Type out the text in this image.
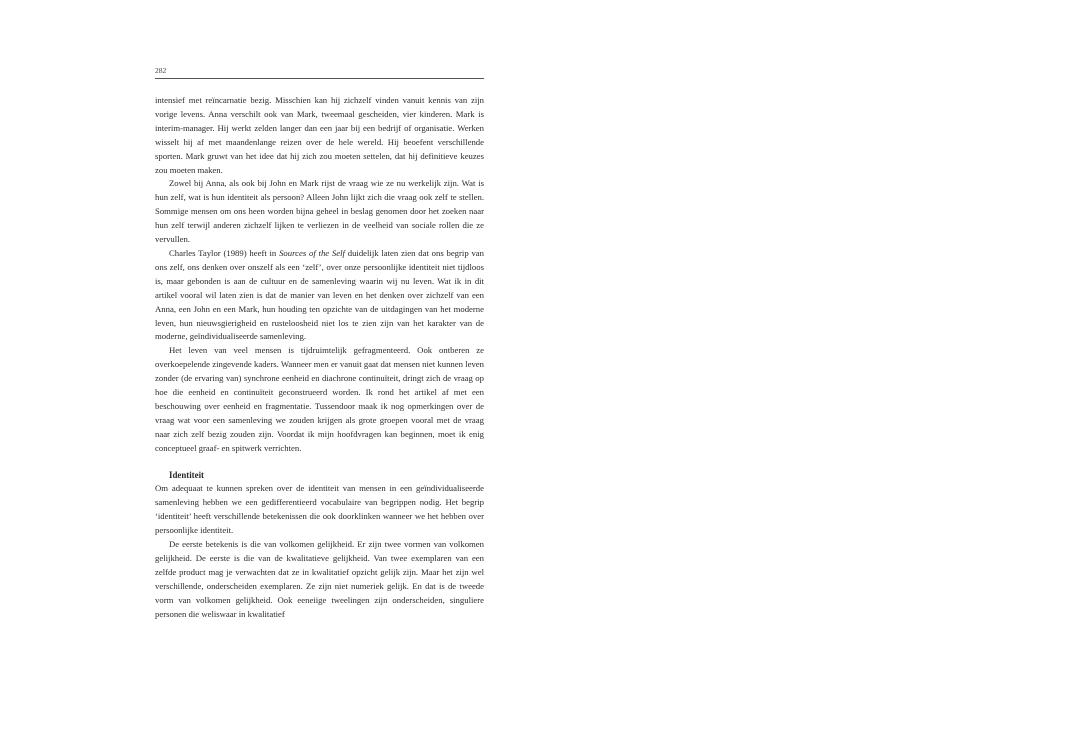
282

intensief met reïncarnatie bezig. Misschien kan hij zichzelf vinden vanuit kennis van zijn vorige levens. Anna verschilt ook van Mark, tweemaal gescheiden, vier kinderen. Mark is interim-manager. Hij werkt zelden langer dan een jaar bij een bedrijf of organisatie. Werken wisselt hij af met maandenlange reizen over de hele wereld. Hij beoefent verschillende sporten. Mark gruwt van het idee dat hij zich zou moeten settelen, dat hij definitieve keuzes zou moeten maken.

Zowel bij Anna, als ook bij John en Mark rijst de vraag wie ze nu werkelijk zijn. Wat is hun zelf, wat is hun identiteit als persoon? Alleen John lijkt zich die vraag ook zelf te stellen. Sommige mensen om ons heen worden bijna geheel in beslag genomen door het zoeken naar hun zelf terwijl anderen zichzelf lijken te verliezen in de veelheid van sociale rollen die ze vervullen.

Charles Taylor (1989) heeft in Sources of the Self duidelijk laten zien dat ons begrip van ons zelf, ons denken over onszelf als een ‘zelf’, over onze persoonlijke identiteit niet tijdloos is, maar gebonden is aan de cultuur en de samenleving waarin wij nu leven. Wat ik in dit artikel vooral wil laten zien is dat de manier van leven en het denken over zichzelf van een Anna, een John en een Mark, hun houding ten opzichte van de uitdagingen van het moderne leven, hun nieuwsgierigheid en rusteloosheid niet los te zien zijn van het karakter van de moderne, geïndividualiseerde samenleving.

Het leven van veel mensen is tijdruimtelijk gefragmenteerd. Ook ontberen ze overkoepelende zingevende kaders. Wanneer men er vanuit gaat dat mensen niet kunnen leven zonder (de ervaring van) synchrone eenheid en diachrone continuïteit, dringt zich de vraag op hoe die eenheid en continuïteit geconstrueerd worden. Ik rond het artikel af met een beschouwing over eenheid en fragmentatie. Tussendoor maak ik nog opmerkingen over de vraag wat voor een samenleving we zouden krijgen als grote groepen vooral met de vraag naar zich zelf bezig zouden zijn. Voordat ik mijn hoofdvragen kan beginnen, moet ik enig conceptueel graaf- en spitwerk verrichten.

Identiteit

Om adequaat te kunnen spreken over de identiteit van mensen in een geïndividualiseerde samenleving hebben we een gedifferentieerd vocabulaire van begrippen nodig. Het begrip ‘identiteit’ heeft verschillende betekenissen die ook doorklinken wanneer we het hebben over persoonlijke identiteit.

De eerste betekenis is die van volkomen gelijkheid. Er zijn twee vormen van volkomen gelijkheid. De eerste is die van de kwalitatieve gelijkheid. Van twee exemplaren van een zelfde product mag je verwachten dat ze in kwalitatief opzicht gelijk zijn. Maar het zijn wel verschillende, onderscheiden exemplaren. Ze zijn niet numeriek gelijk. En dat is de tweede vorm van volkomen gelijkheid. Ook eeneiige tweelingen zijn onderscheiden, singuliere personen die weliswaar in kwalitatief
